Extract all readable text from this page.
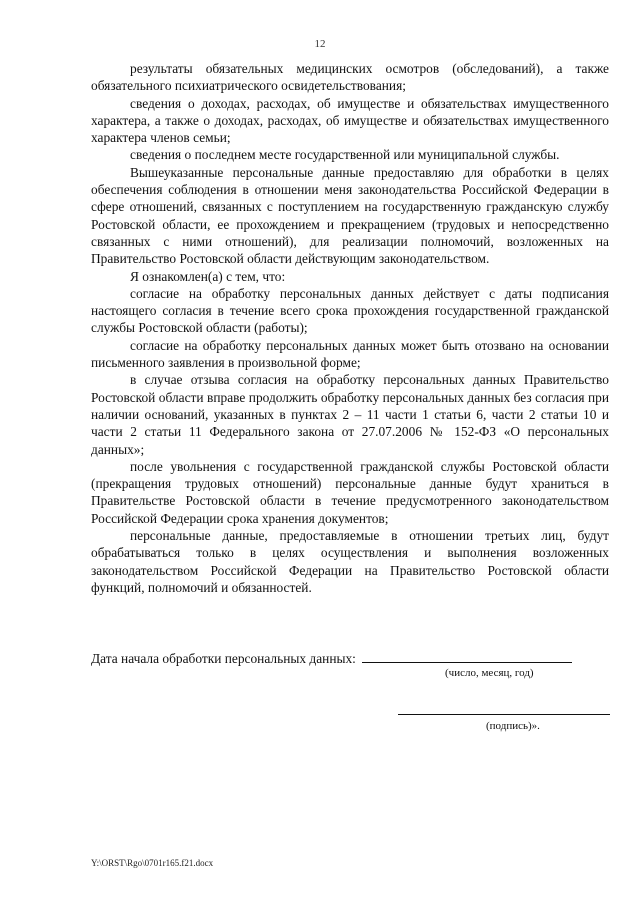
12

результаты обязательных медицинских осмотров (обследований), а также обязательного психиатрического освидетельствования;

сведения о доходах, расходах, об имуществе и обязательствах имущественного характера, а также о доходах, расходах, об имуществе и обязательствах имущественного характера членов семьи;

сведения о последнем месте государственной или муниципальной службы.

Вышеуказанные персональные данные предоставляю для обработки в целях обеспечения соблюдения в отношении меня законодательства Российской Федерации в сфере отношений, связанных с поступлением на государственную гражданскую службу Ростовской области, ее прохождением и прекращением (трудовых и непосредственно связанных с ними отношений), для реализации полномочий, возложенных на Правительство Ростовской области действующим законодательством.

Я ознакомлен(а) с тем, что:

согласие на обработку персональных данных действует с даты подписания настоящего согласия в течение всего срока прохождения государственной гражданской службы Ростовской области (работы);

согласие на обработку персональных данных может быть отозвано на основании письменного заявления в произвольной форме;

в случае отзыва согласия на обработку персональных данных Правительство Ростовской области вправе продолжить обработку персональных данных без согласия при наличии оснований, указанных в пунктах 2 – 11 части 1 статьи 6, части 2 статьи 10 и части 2 статьи 11 Федерального закона от 27.07.2006 № 152-ФЗ «О персональных данных»;

после увольнения с государственной гражданской службы Ростовской области (прекращения трудовых отношений) персональные данные будут храниться в Правительстве Ростовской области в течение предусмотренного законодательством Российской Федерации срока хранения документов;

персональные данные, предоставляемые в отношении третьих лиц, будут обрабатываться только в целях осуществления и выполнения возложенных законодательством Российской Федерации на Правительство Ростовской области функций, полномочий и обязанностей.

Дата начала обработки персональных данных:
(число, месяц, год)
(подпись)».
Y:\ORST\Rgo\0701r165.f21.docx
